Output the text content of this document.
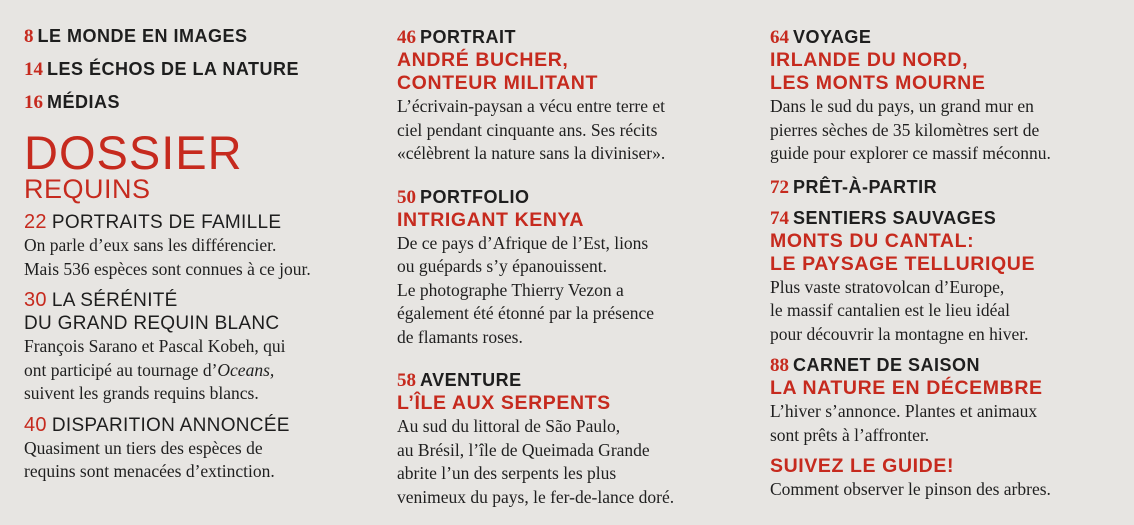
8 LE MONDE EN IMAGES
14 LES ÉCHOS DE LA NATURE
16 MÉDIAS
DOSSIER
REQUINS
22 PORTRAITS DE FAMILLE
On parle d’eux sans les différencier.
Mais 536 espèces sont connues à ce jour.
30 LA SÉRÉNITÉ
DU GRAND REQUIN BLANC
François Sarano et Pascal Kobeh, qui
ont participé au tournage d’Oceans,
suivent les grands requins blancs.
40 DISPARITION ANNONCÉE
Quasiment un tiers des espèces de
requins sont menacées d’extinction.
46 PORTRAIT
ANDRÉ BUCHER,
CONTEUR MILITANT
L’écrivain-paysan a vécu entre terre et
ciel pendant cinquante ans. Ses récits
«célèbrent la nature sans la diviniser».
50 PORTFOLIO
INTRIGANT KENYA
De ce pays d’Afrique de l’Est, lions
ou guépards s’y épanouissent.
Le photographe Thierry Vezon a
également été étonné par la présence
de flamants roses.
58 AVENTURE
L’ÎLE AUX SERPENTS
Au sud du littoral de São Paulo,
au Brésil, l’île de Queimada Grande
abrite l’un des serpents les plus
venimeux du pays, le fer-de-lance doré.
64 VOYAGE
IRLANDE DU NORD,
LES MONTS MOURNE
Dans le sud du pays, un grand mur en
pierres sèches de 35 kilomètres sert de
guide pour explorer ce massif méconnu.
72 PRÊT-À-PARTIR
74 SENTIERS SAUVAGES
MONTS DU CANTAL:
LE PAYSAGE TELLURIQUE
Plus vaste stratovolcan d’Europe,
le massif cantalien est le lieu idéal
pour découvrir la montagne en hiver.
88 CARNET DE SAISON
LA NATURE EN DÉCEMBRE
L’hiver s’annonce. Plantes et animaux
sont prêts à l’affronter.
SUIVEZ LE GUIDE!
Comment observer le pinson des arbres.
